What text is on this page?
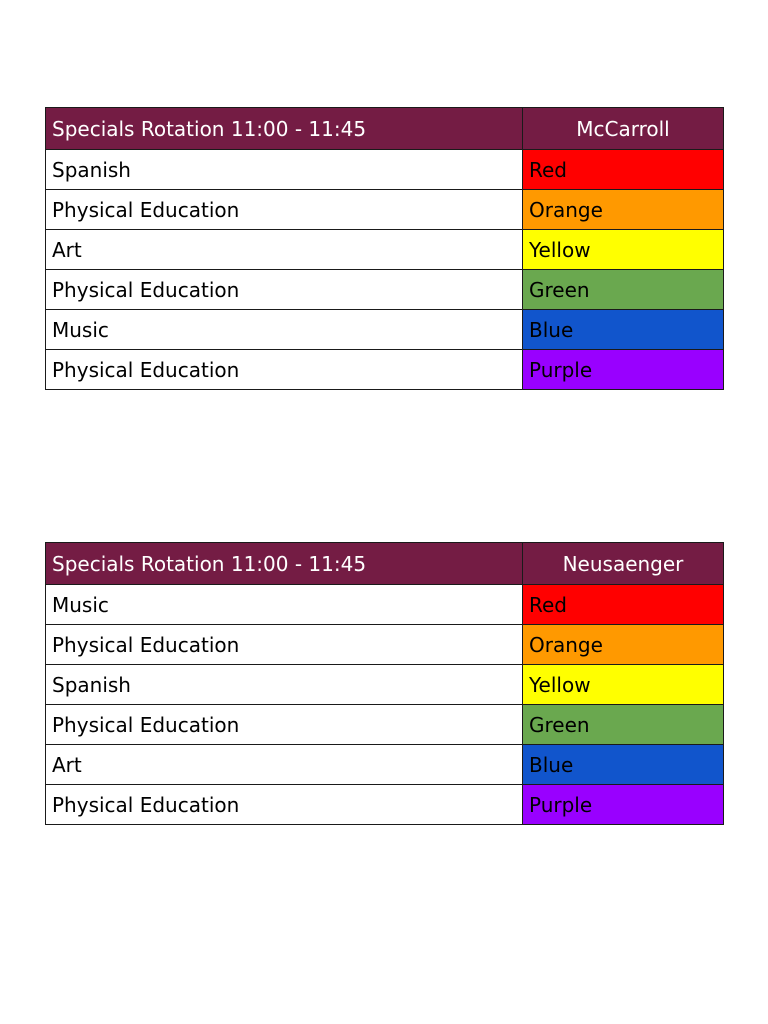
Specials Rotation 11:00 - 11:45	McCarroll
Spanish	Red
Physical Education	Orange
Art	Yellow
Physical Education	Green
Music	Blue
Physical Education	Purple
Specials Rotation 11:00 - 11:45	Neusaenger
Music	Red
Physical Education	Orange
Spanish	Yellow
Physical Education	Green
Art	Blue
Physical Education	Purple
